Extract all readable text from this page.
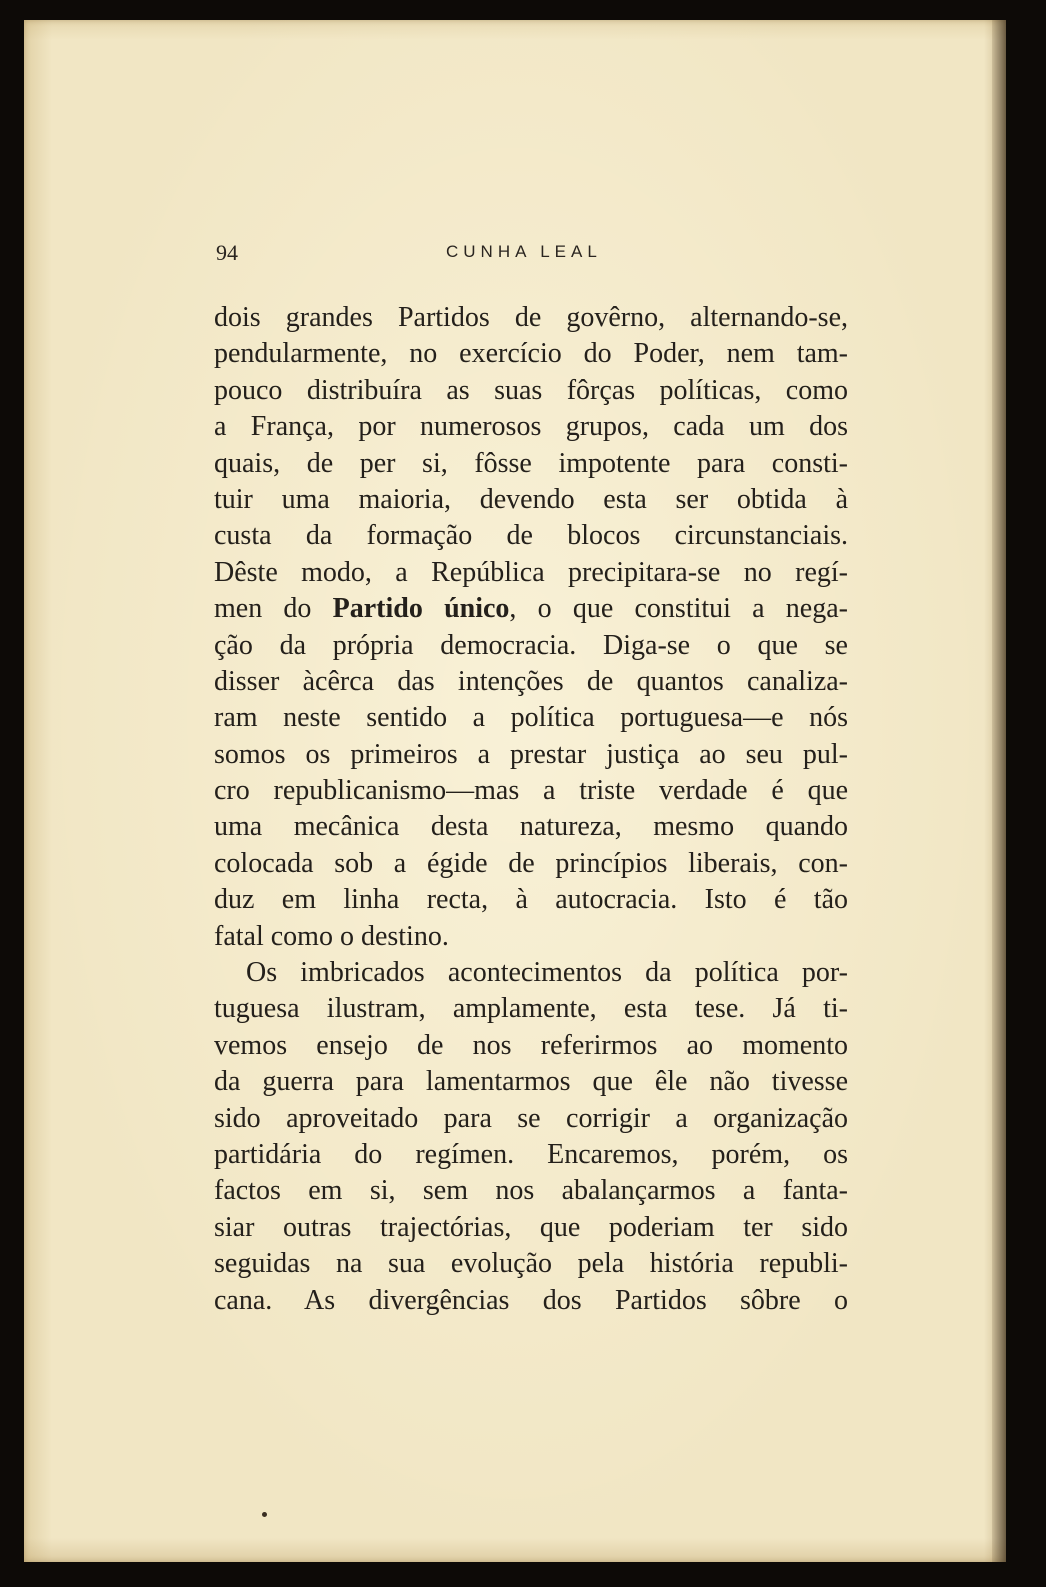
94	CUNHA LEAL
dois grandes Partidos de govêrno, alternando-se,
pendularmente, no exercício do Poder, nem tam-
pouco distribuíra as suas fôrças políticas, como
a França, por numerosos grupos, cada um dos
quais, de per si, fôsse impotente para consti-
tuir uma maioria, devendo esta ser obtida à
custa da formação de blocos circunstanciais.
Dêste modo, a República precipitara-se no regí-
men do Partido único, o que constitui a nega-
ção da própria democracia. Diga-se o que se
disser àcêrca das intenções de quantos canaliza-
ram neste sentido a política portuguesa—e nós
somos os primeiros a prestar justiça ao seu pul-
cro republicanismo—mas a triste verdade é que
uma mecânica desta natureza, mesmo quando
colocada sob a égide de princípios liberais, con-
duz em linha recta, à autocracia. Isto é tão
fatal como o destino.
Os imbricados acontecimentos da política por-
tuguesa ilustram, amplamente, esta tese. Já ti-
vemos ensejo de nos referirmos ao momento
da guerra para lamentarmos que êle não tivesse
sido aproveitado para se corrigir a organização
partidária do regímen. Encaremos, porém, os
factos em si, sem nos abalançarmos a fanta-
siar outras trajectórias, que poderiam ter sido
seguidas na sua evolução pela história republi-
cana. As divergências dos Partidos sôbre o
